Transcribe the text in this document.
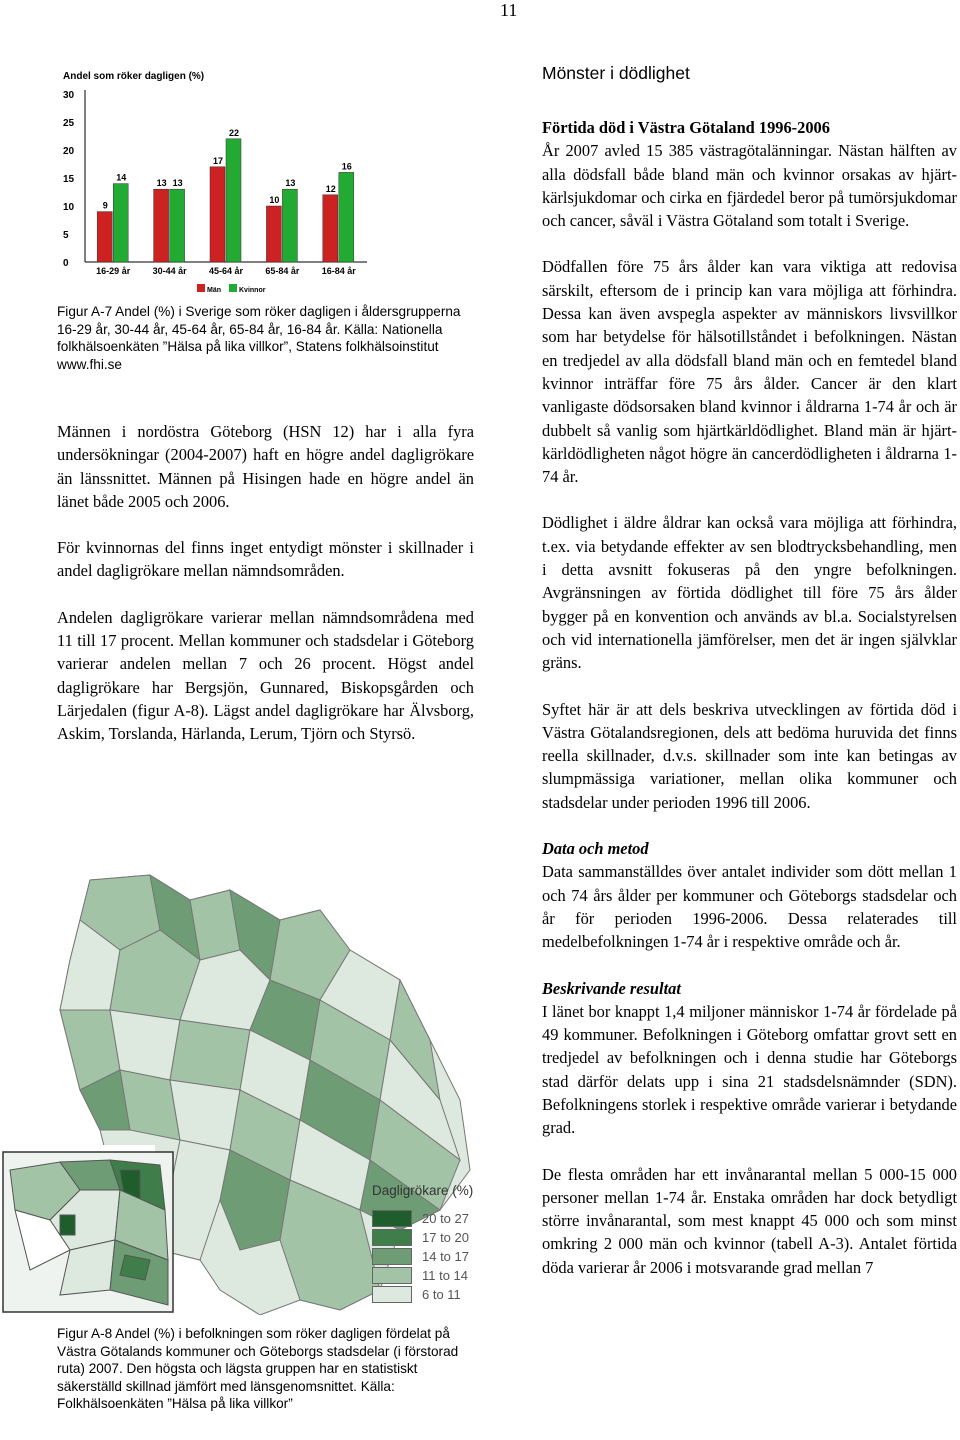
11
Mönster i dödlighet
Andel som röker dagligen (%)
0
5
10
15
20
25
30
9
14
16-29 år
13 13
30-44 år
17
22
45-64 år
10
13
65-84 år
12
16
16-84 år
Män	Kvinnor
Figur A-7 Andel (%) i Sverige som röker dagligen i åldersgrupperna 16-29 år, 30-44 år, 45-64 år, 65-84 år, 16-84 år. Källa: Nationella folkhälsoenkäten ”Hälsa på lika villkor”, Statens folkhälsoinstitut www.fhi.se

Männen i nordöstra Göteborg (HSN 12) har i alla fyra undersökningar (2004-2007) haft en högre andel dagligrökare än länssnittet. Männen på Hisingen hade en högre andel än länet både 2005 och 2006.

För kvinnornas del finns inget entydigt mönster i skillnader i andel dagligrökare mellan nämndsområden.

Andelen dagligrökare varierar mellan nämndsområdena med 11 till 17 procent. Mellan kommuner och stadsdelar i Göteborg varierar andelen mellan 7 och 26 procent. Högst andel dagligrökare har Bergsjön, Gunnared, Biskopsgården och Lärjedalen (figur A-8). Lägst andel dagligrökare har Älvsborg, Askim, Torslanda, Härlanda, Lerum, Tjörn och Styrsö.

Dagligrökare (%)
20 to 27
17 to 20
14 to 17
11 to 14
6 to 11
Figur A-8 Andel (%) i befolkningen som röker dagligen fördelat på Västra Götalands kommuner och Göteborgs stadsdelar (i förstorad ruta) 2007. Den högsta och lägsta gruppen har en statistiskt säkerställd skillnad jämfört med länsgenomsnittet. Källa: Folkhälsoenkäten ”Hälsa på lika villkor”
Förtida död i Västra Götaland 1996-2006

År 2007 avled 15 385 västragötalänningar. Nästan hälften av alla dödsfall både bland män och kvinnor orsakas av hjärt- kärlsjukdomar och cirka en fjärdedel beror på tumörsjukdomar och cancer, såväl i Västra Götaland som totalt i Sverige.

Dödfallen före 75 års ålder kan vara viktiga att redovisa särskilt, eftersom de i princip kan vara möjliga att förhindra. Dessa kan även avspegla aspekter av människors livsvillkor som har betydelse för hälsotillståndet i befolkningen. Nästan en tredjedel av alla dödsfall bland män och en femtedel bland kvinnor inträffar före 75 års ålder. Cancer är den klart vanligaste dödsorsaken bland kvinnor i åldrarna 1-74 år och är dubbelt så vanlig som hjärtkärldödlighet. Bland män är hjärt-kärldödligheten något högre än cancerdödligheten i åldrarna 1-74 år.

Dödlighet i äldre åldrar kan också vara möjliga att förhindra, t.ex. via betydande effekter av sen blodtrycksbehandling, men i detta avsnitt fokuseras på den yngre befolkningen. Avgränsningen av förtida dödlighet till före 75 års ålder bygger på en konvention och används av bl.a. Socialstyrelsen och vid internationella jämförelser, men det är ingen självklar gräns.

Syftet här är att dels beskriva utvecklingen av förtida död i Västra Götalandsregionen, dels att bedöma huruvida det finns reella skillnader, d.v.s. skillnader som inte kan betingas av slumpmässiga variationer, mellan olika kommuner och stadsdelar under perioden 1996 till 2006.

Data och metod

Data sammanställdes över antalet individer som dött mellan 1 och 74 års ålder per kommuner och Göteborgs stadsdelar och år för perioden 1996-2006. Dessa relaterades till medelbefolkningen 1-74 år i respektive område och år.

Beskrivande resultat

I länet bor knappt 1,4 miljoner människor 1-74 år fördelade på 49 kommuner. Befolkningen i Göteborg omfattar grovt sett en tredjedel av befolkningen och i denna studie har Göteborgs stad därför delats upp i sina 21 stadsdelsnämnder (SDN). Befolkningens storlek i respektive område varierar i betydande grad.

De flesta områden har ett invånarantal mellan 5 000-15 000 personer mellan 1-74 år. Enstaka områden har dock betydligt större invånarantal, som mest knappt 45 000 och som minst omkring 2 000 män och kvinnor (tabell A-3). Antalet förtida döda varierar år 2006 i motsvarande grad mellan 7
